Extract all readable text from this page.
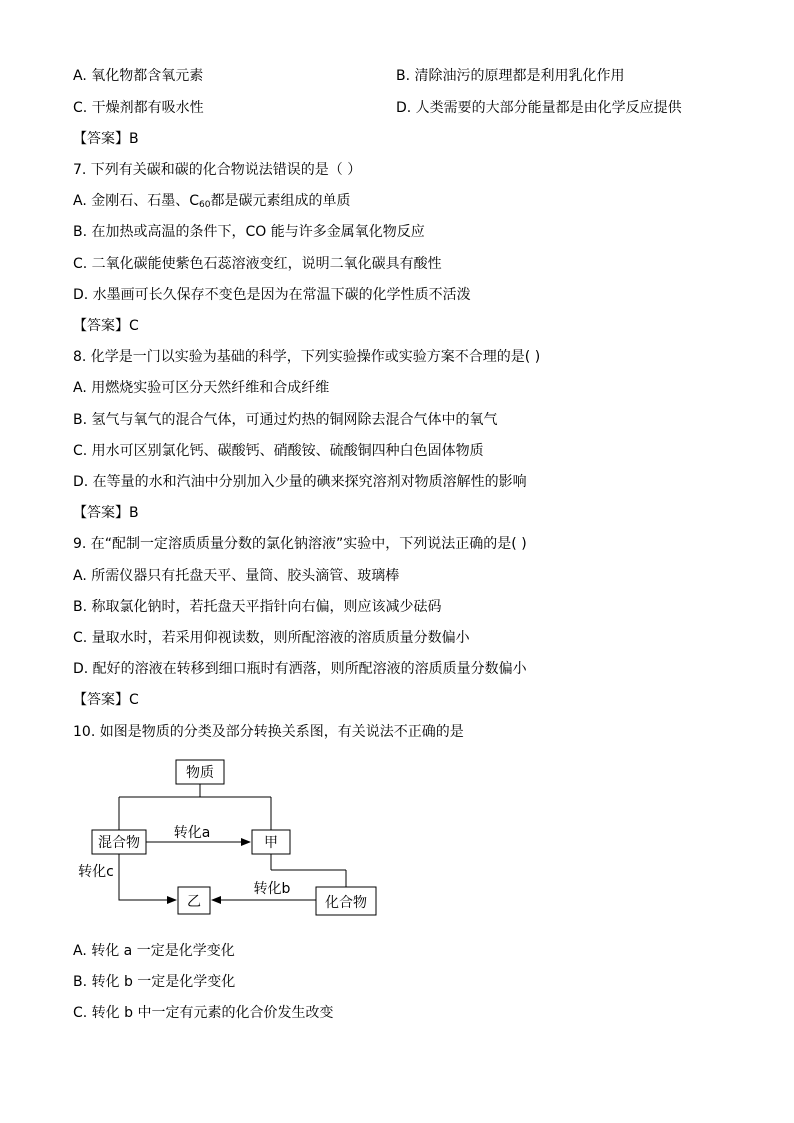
A. 氧化物都含氧元素	B. 清除油污的原理都是利用乳化作用
C. 干燥剂都有吸水性	D. 人类需要的大部分能量都是由化学反应提供
【答案】B
7. 下列有关碳和碳的化合物说法错误的是（ ）
A. 金刚石、石墨、$C_{60}$都是碳元素组成的单质
B. 在加热或高温的条件下，CO 能与许多金属氧化物反应
C. 二氧化碳能使紫色石蕊溶液变红，说明二氧化碳具有酸性
D. 水墨画可长久保存不变色是因为在常温下碳的化学性质不活泼
【答案】C
8. 化学是一门以实验为基础的科学，下列实验操作或实验方案不合理的是( )
A. 用燃烧实验可区分天然纤维和合成纤维
B. 氢气与氧气的混合气体，可通过灼热的铜网除去混合气体中的氧气
C. 用水可区别氯化钙、碳酸钙、硝酸铵、硫酸铜四种白色固体物质
D. 在等量的水和汽油中分别加入少量的碘来探究溶剂对物质溶解性的影响
【答案】B
9. 在“配制一定溶质质量分数的氯化钠溶液”实验中，下列说法正确的是( )
A. 所需仪器只有托盘天平、量筒、胶头滴管、玻璃棒
B. 称取氯化钠时，若托盘天平指针向右偏，则应该减少砝码
C. 量取水时，若采用仰视读数，则所配溶液的溶质质量分数偏小
D. 配好的溶液在转移到细口瓶时有洒落，则所配溶液的溶质质量分数偏小
【答案】C
10. 如图是物质的分类及部分转换关系图，有关说法不正确的是
物质
混合物	甲
乙	化合物
转化a
转化b
转化c
A. 转化 a 一定是化学变化
B. 转化 b 一定是化学变化
C. 转化 b 中一定有元素的化合价发生改变
